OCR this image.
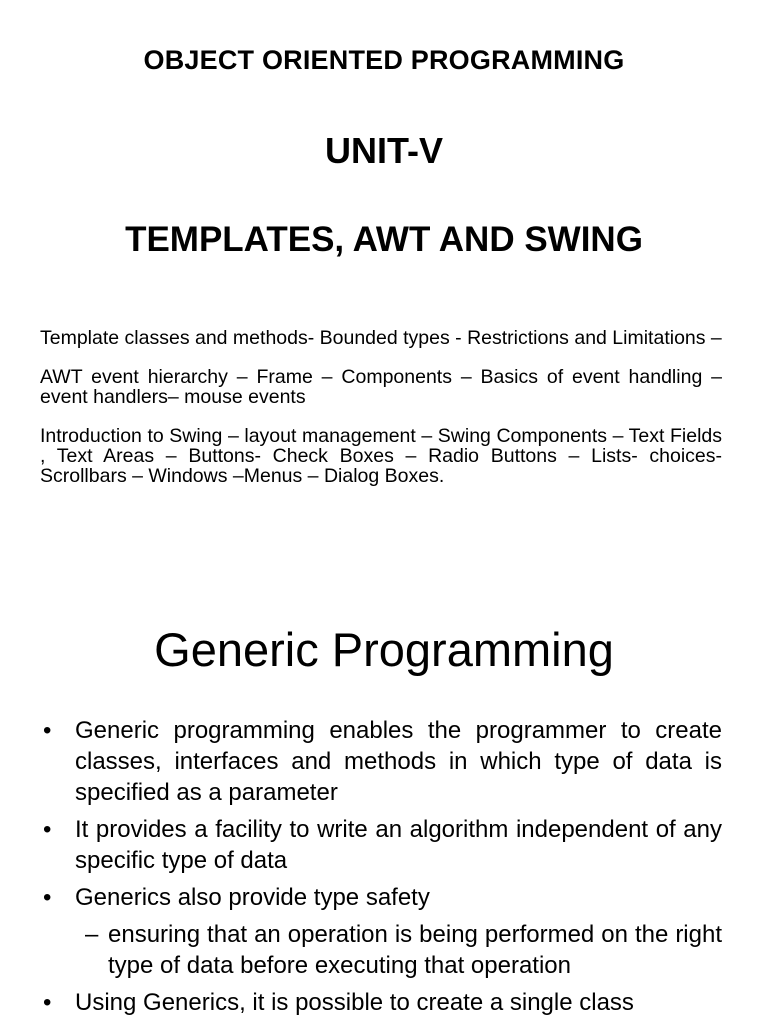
OBJECT ORIENTED PROGRAMMING
UNIT-V
TEMPLATES, AWT AND SWING

Template classes and methods- Bounded types - Restrictions and Limitations –

AWT event hierarchy – Frame – Components – Basics of event handling – event handlers– mouse events

Introduction to Swing – layout management – Swing Components – Text Fields , Text Areas – Buttons- Check Boxes – Radio Buttons – Lists- choices- Scrollbars – Windows –Menus – Dialog Boxes.

Generic Programming
• Generic programming enables the programmer to create classes, interfaces and methods in which type of data is specified as a parameter
• It provides a facility to write an algorithm independent of any specific type of data
• Generics also provide type safety
– ensuring that an operation is being performed on the right type of data before executing that operation
• Using Generics, it is possible to create a single class
